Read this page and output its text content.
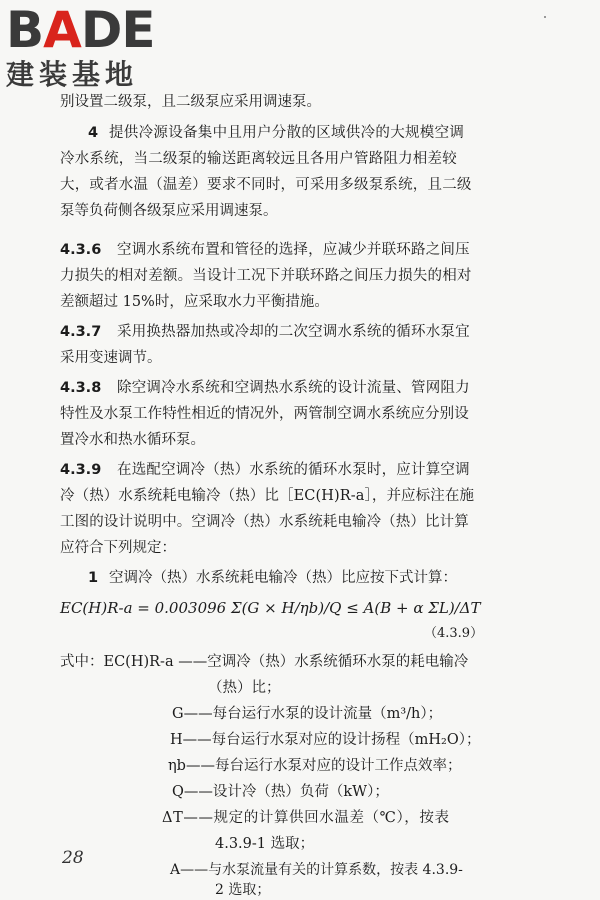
BADE
建装基地
别设置二级泵，且二级泵应采用调速泵。
4 提供冷源设备集中且用户分散的区域供冷的大规模空调
冷水系统，当二级泵的输送距离较远且各用户管路阻力相差较
大，或者水温（温差）要求不同时，可采用多级泵系统，且二级
泵等负荷侧各级泵应采用调速泵。
4.3.6 空调水系统布置和管径的选择，应减少并联环路之间压
力损失的相对差额。当设计工况下并联环路之间压力损失的相对
差额超过 15%时，应采取水力平衡措施。
4.3.7 采用换热器加热或冷却的二次空调水系统的循环水泵宜
采用变速调节。
4.3.8 除空调冷水系统和空调热水系统的设计流量、管网阻力
特性及水泵工作特性相近的情况外，两管制空调水系统应分别设
置冷水和热水循环泵。
4.3.9 在选配空调冷（热）水系统的循环水泵时，应计算空调
冷（热）水系统耗电输冷（热）比［EC(H)R-a］，并应标注在施
工图的设计说明中。空调冷（热）水系统耗电输冷（热）比计算
应符合下列规定：
1 空调冷（热）水系统耗电输冷（热）比应按下式计算：
EC(H)R-a = 0.003096 Σ(G × H/ηb)/Q ≤ A(B + α ΣL)/ΔT
（4.3.9）
式中：EC(H)R-a ——空调冷（热）水系统循环水泵的耗电输冷
（热）比；
G——每台运行水泵的设计流量（m³/h）；
H——每台运行水泵对应的设计扬程（mH₂O）；
ηb——每台运行水泵对应的设计工作点效率；
Q——设计冷（热）负荷（kW）；
ΔT——规定的计算供回水温差（℃），按表
4.3.9-1 选取；
A——与水泵流量有关的计算系数，按表 4.3.9-
2 选取；
28
